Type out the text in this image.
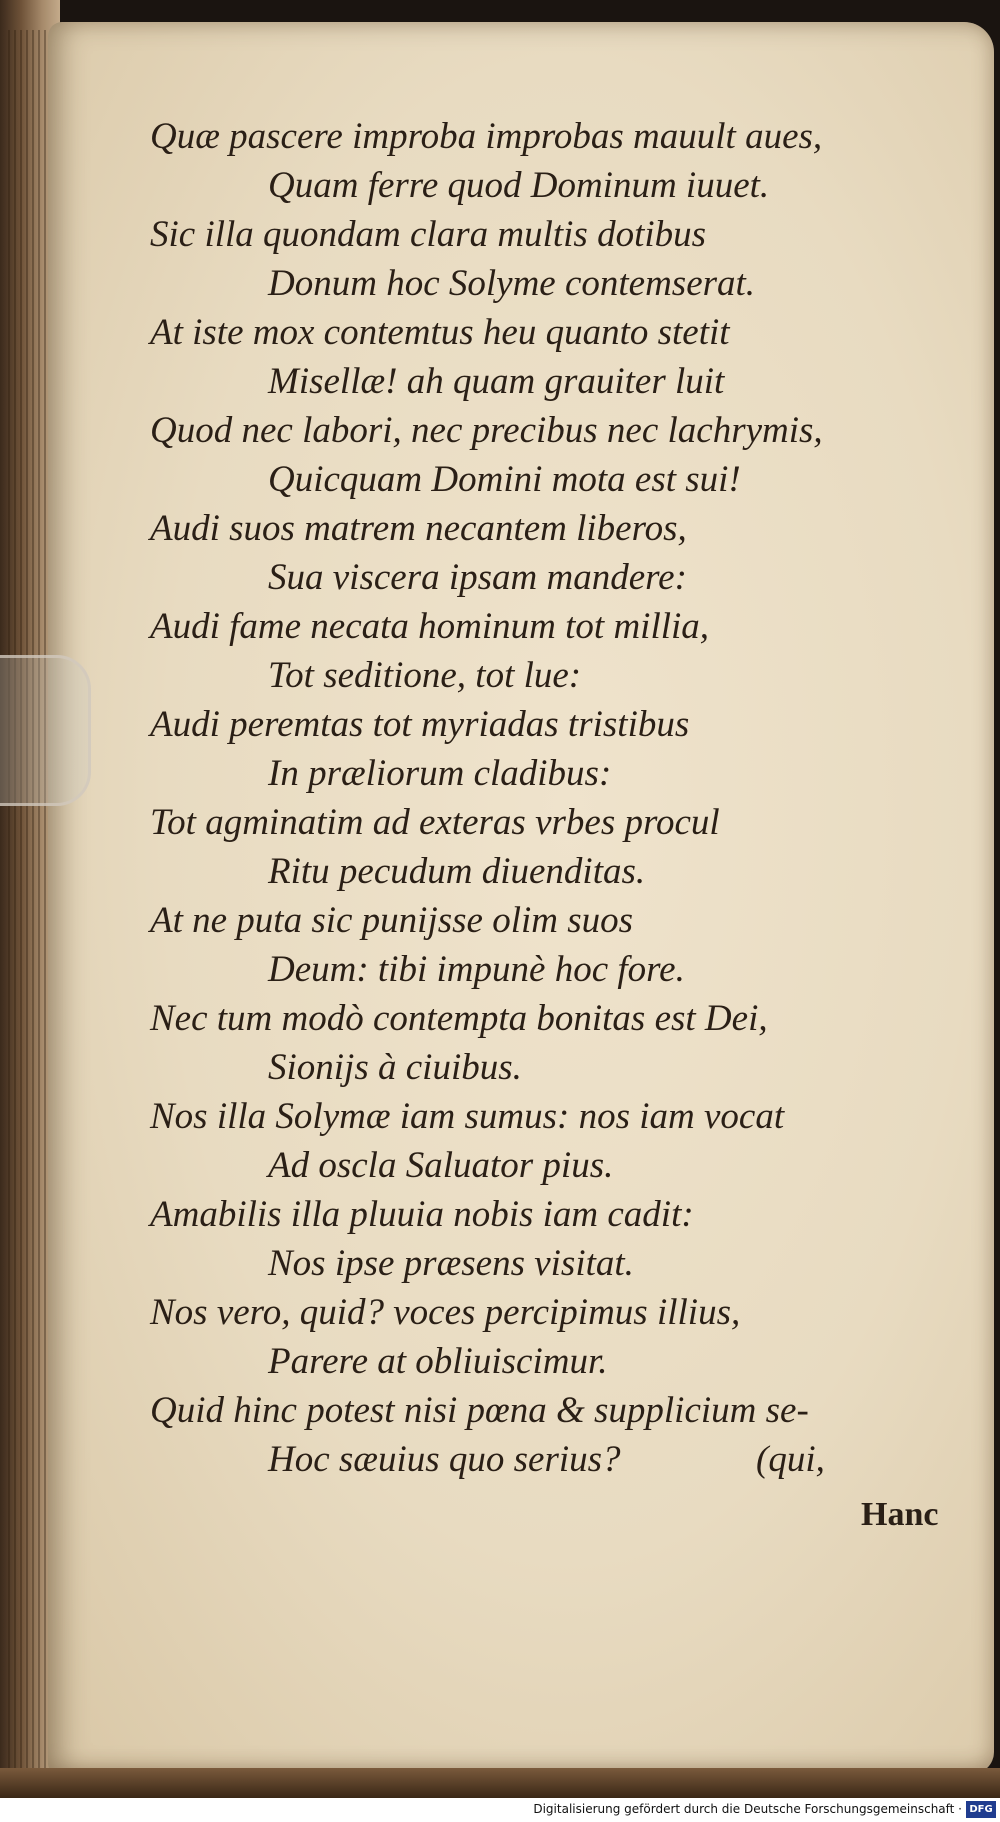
Quæ pascere improba improbas mauult aues,
Quam ferre quod Dominum iuuet.
Sic illa quondam clara multis dotibus
Donum hoc Solyme contemserat.
At iste mox contemtus heu quanto stetit
Misellæ! ah quam grauiter luit
Quod nec labori, nec precibus nec lachrymis,
Quicquam Domini mota est sui!
Audi suos matrem necantem liberos,
Sua viscera ipsam mandere:
Audi fame necata hominum tot millia,
Tot seditione, tot lue:
Audi peremtas tot myriadas tristibus
In præliorum cladibus:
Tot agminatim ad exteras vrbes procul
Ritu pecudum diuenditas.
At ne puta sic punijsse olim suos
Deum: tibi impunè hoc fore.
Nec tum modò contempta bonitas est Dei,
Sionijs à ciuibus.
Nos illa Solymæ iam sumus: nos iam vocat
Ad oscla Saluator pius.
Amabilis illa pluuia nobis iam cadit:
Nos ipse præsens visitat.
Nos vero, quid? voces percipimus illius,
Parere at obliuiscimur.
Quid hinc potest nisi pœna & supplicium se-
Hoc sæuius quo serius?	(qui,
Hanc
Digitalisierung gefördert durch die Deutsche Forschungsgemeinschaft · DFG
